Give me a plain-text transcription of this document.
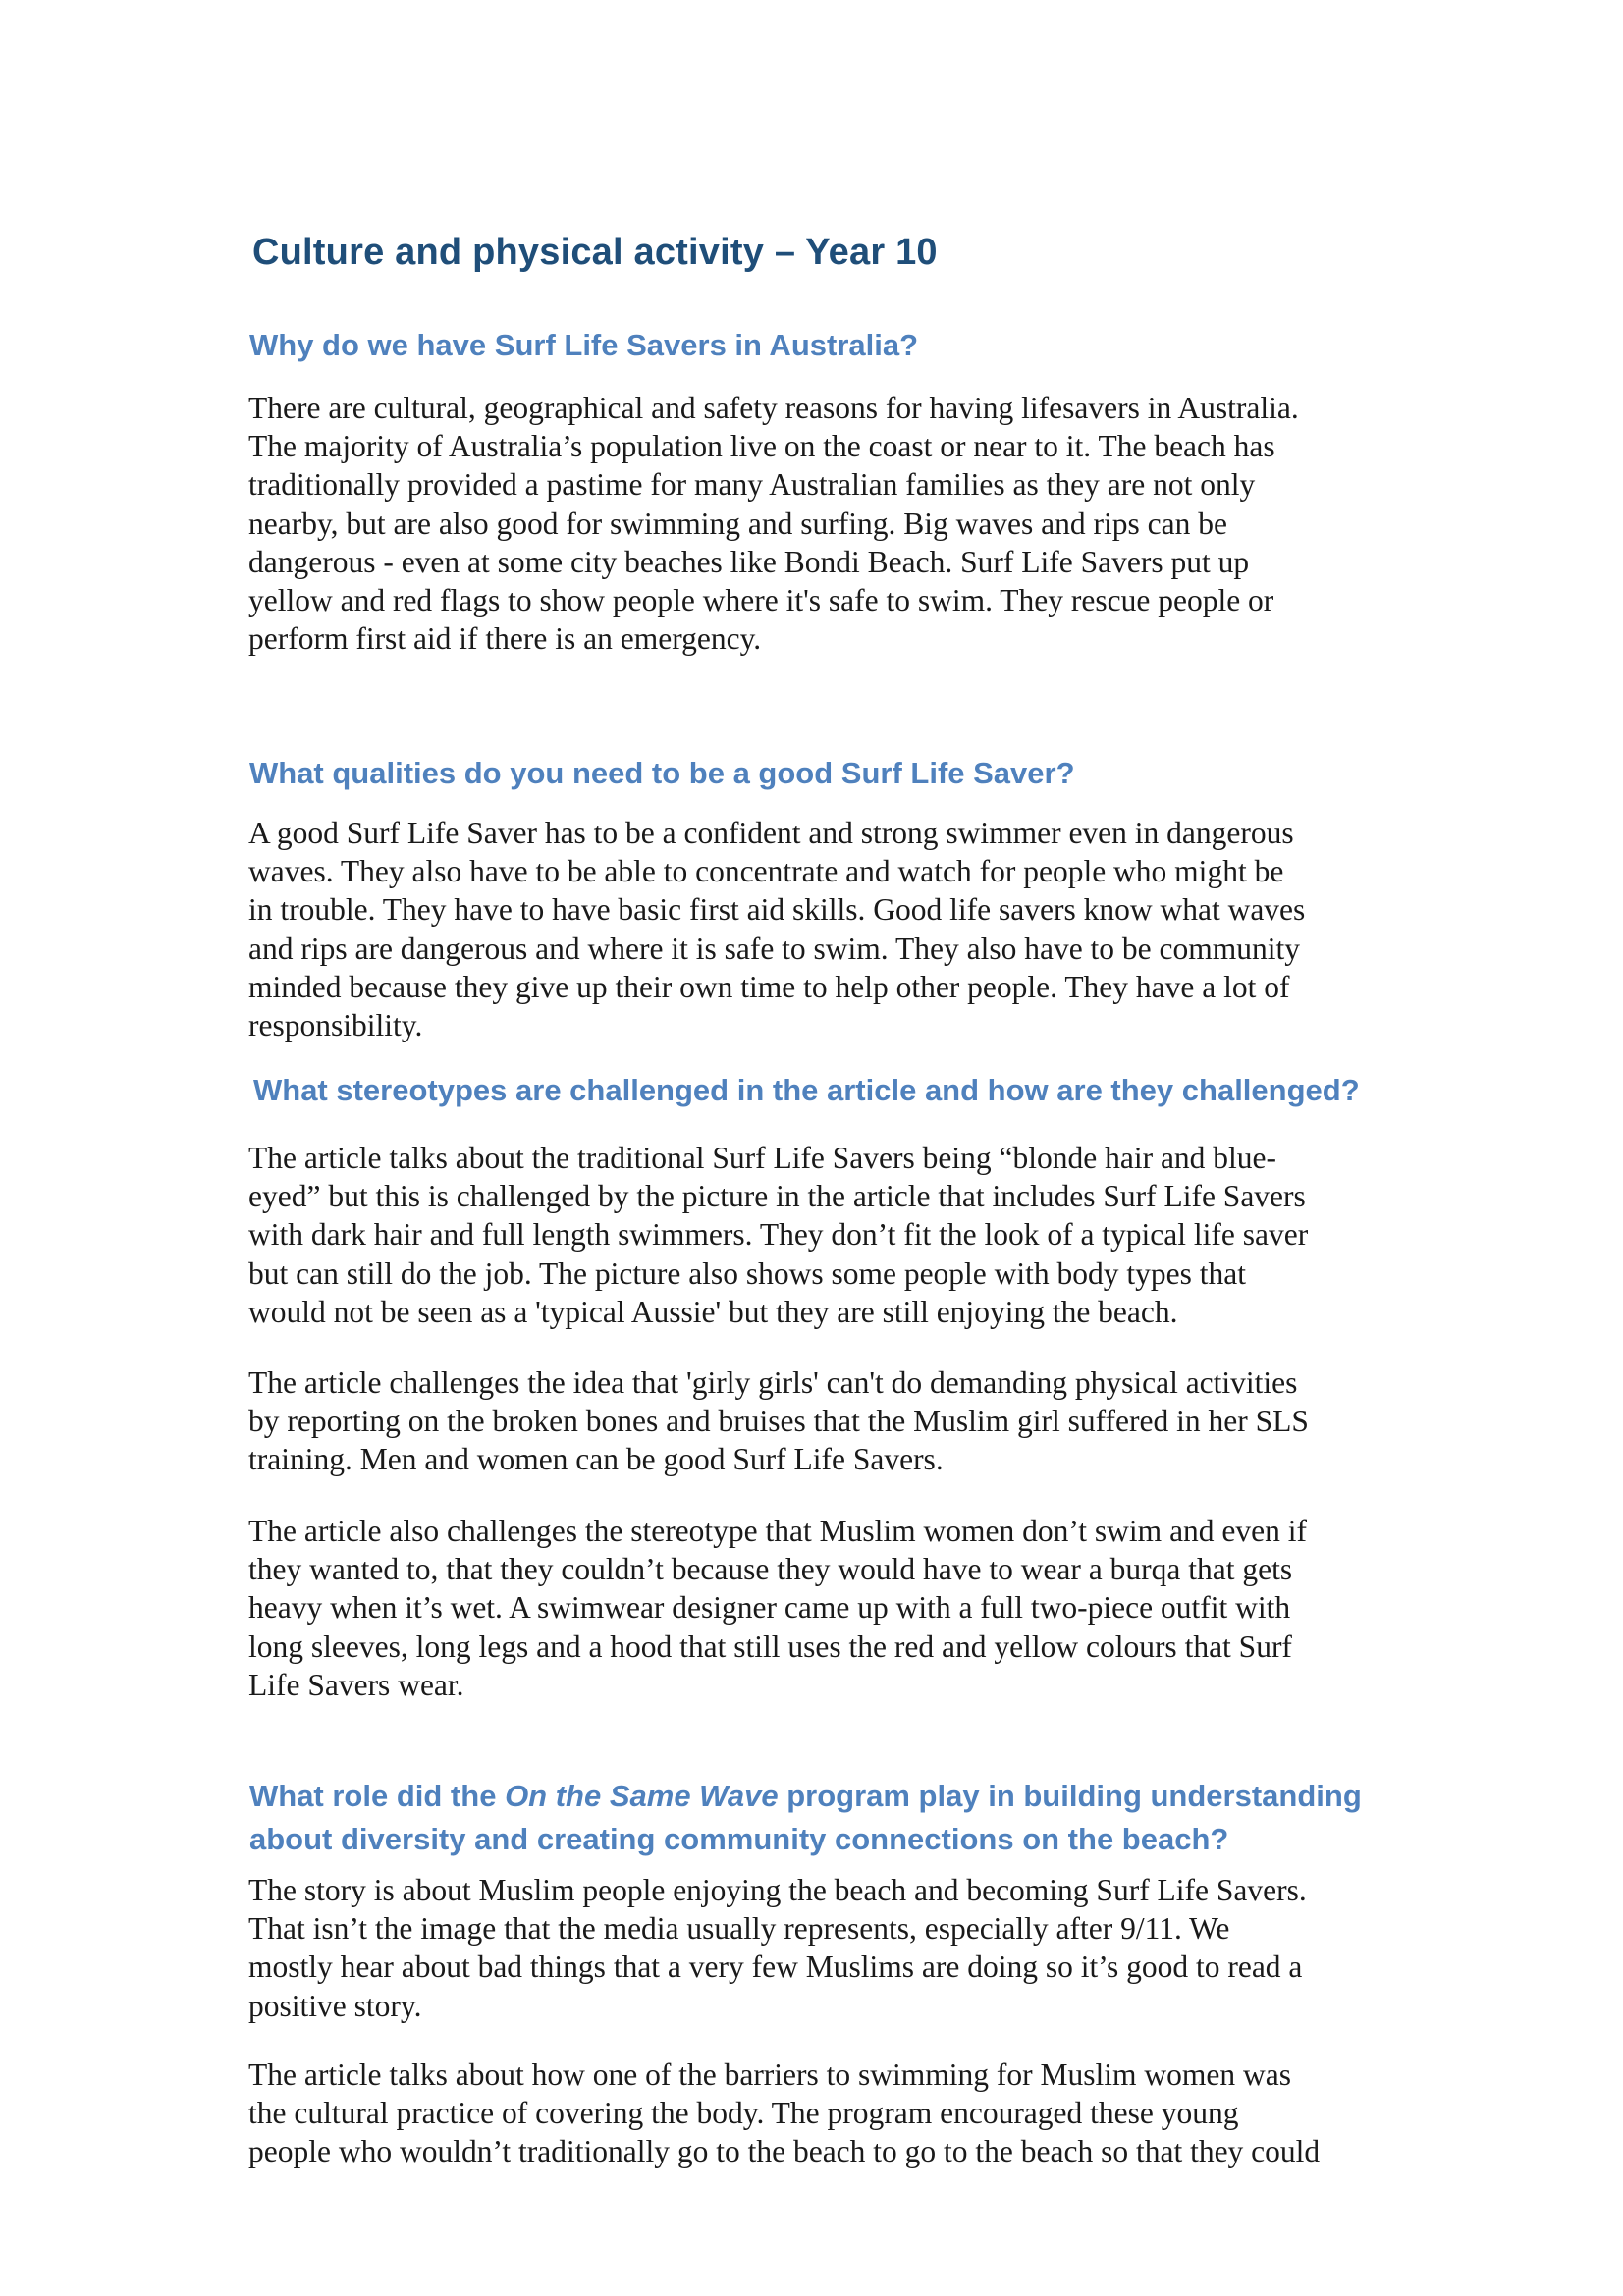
Culture and physical activity – Year 10
Why do we have Surf Life Savers in Australia?

There are cultural, geographical and safety reasons for having lifesavers in Australia.
The majority of Australia’s population live on the coast or near to it. The beach has
traditionally provided a pastime for many Australian families as they are not only
nearby, but are also good for swimming and surfing. Big waves and rips can be
dangerous - even at some city beaches like Bondi Beach. Surf Life Savers put up
yellow and red flags to show people where it's safe to swim. They rescue people or
perform first aid if there is an emergency.

What qualities do you need to be a good Surf Life Saver?

A good Surf Life Saver has to be a confident and strong swimmer even in dangerous
waves. They also have to be able to concentrate and watch for people who might be
in trouble. They have to have basic first aid skills. Good life savers know what waves
and rips are dangerous and where it is safe to swim. They also have to be community
minded because they give up their own time to help other people. They have a lot of
responsibility.

What stereotypes are challenged in the article and how are they challenged?

The article talks about the traditional Surf Life Savers being “blonde hair and blue-
eyed” but this is challenged by the picture in the article that includes Surf Life Savers
with dark hair and full length swimmers. They don’t fit the look of a typical life saver
but can still do the job. The picture also shows some people with body types that
would not be seen as a 'typical Aussie' but they are still enjoying the beach.

The article challenges the idea that 'girly girls' can't do demanding physical activities
by reporting on the broken bones and bruises that the Muslim girl suffered in her SLS
training. Men and women can be good Surf Life Savers.

The article also challenges the stereotype that Muslim women don’t swim and even if
they wanted to, that they couldn’t because they would have to wear a burqa that gets
heavy when it’s wet. A swimwear designer came up with a full two-piece outfit with
long sleeves, long legs and a hood that still uses the red and yellow colours that Surf
Life Savers wear.

What role did the On the Same Wave program play in building understanding
about diversity and creating community connections on the beach?

The story is about Muslim people enjoying the beach and becoming Surf Life Savers.
That isn’t the image that the media usually represents, especially after 9/11. We
mostly hear about bad things that a very few Muslims are doing so it’s good to read a
positive story.

The article talks about how one of the barriers to swimming for Muslim women was
the cultural practice of covering the body. The program encouraged these young
people who wouldn’t traditionally go to the beach to go to the beach so that they could
